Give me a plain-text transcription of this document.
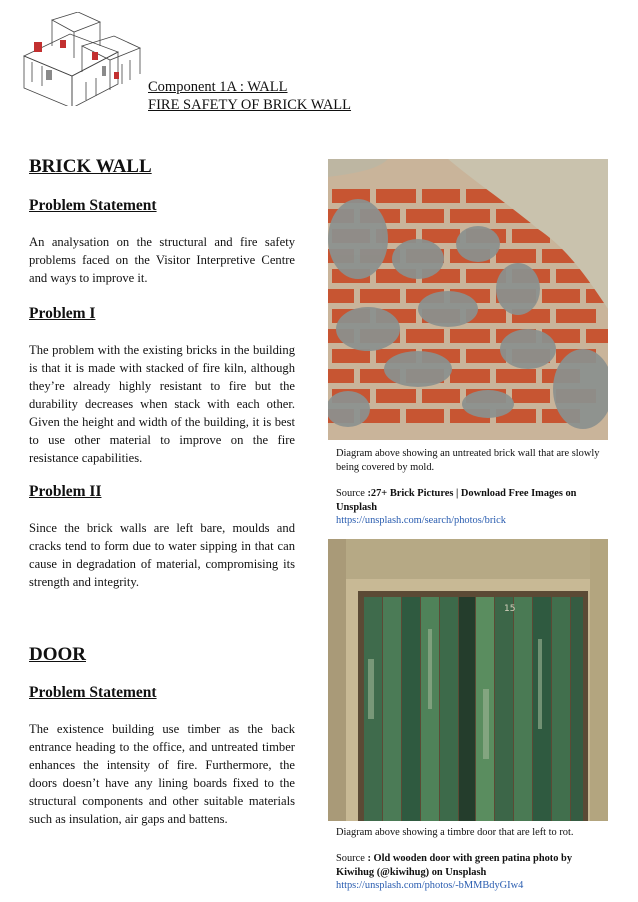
Component 1A : WALL
FIRE SAFETY OF BRICK WALL
BRICK WALL
Problem Statement

An analysation on the structural and fire safety problems faced on the Visitor Interpretive Centre and ways to improve it.

Problem I

The problem with the existing bricks in the building is that it is made with stacked of fire kiln, although they’re already highly resistant to fire but the durability decreases when stack with each other. Given the height and width of the building, it is best to use other material to improve on the fire resistance capabilities.

Problem II

Since the brick walls are left bare, moulds and cracks tend to form due to water sipping in that can cause in degradation of material, compromising its strength and integrity.

DOOR
Problem Statement

The existence building use timber as the back entrance heading to the office, and untreated timber enhances the intensity of fire. Furthermore, the doors doesn’t have any lining boards fixed to the structural components and other suitable materials such as insulation, air gaps and battens.

Diagram above showing an untreated brick wall that are slowly being covered by mold.
Source :27+ Brick Pictures | Download Free Images on Unsplash
https://unsplash.com/search/photos/brick
15
Diagram above showing a timbre door that are left to rot.
Source : Old wooden door with green patina photo by Kiwihug (@kiwihug) on Unsplash
https://unsplash.com/photos/-bMMBdyGIw4
